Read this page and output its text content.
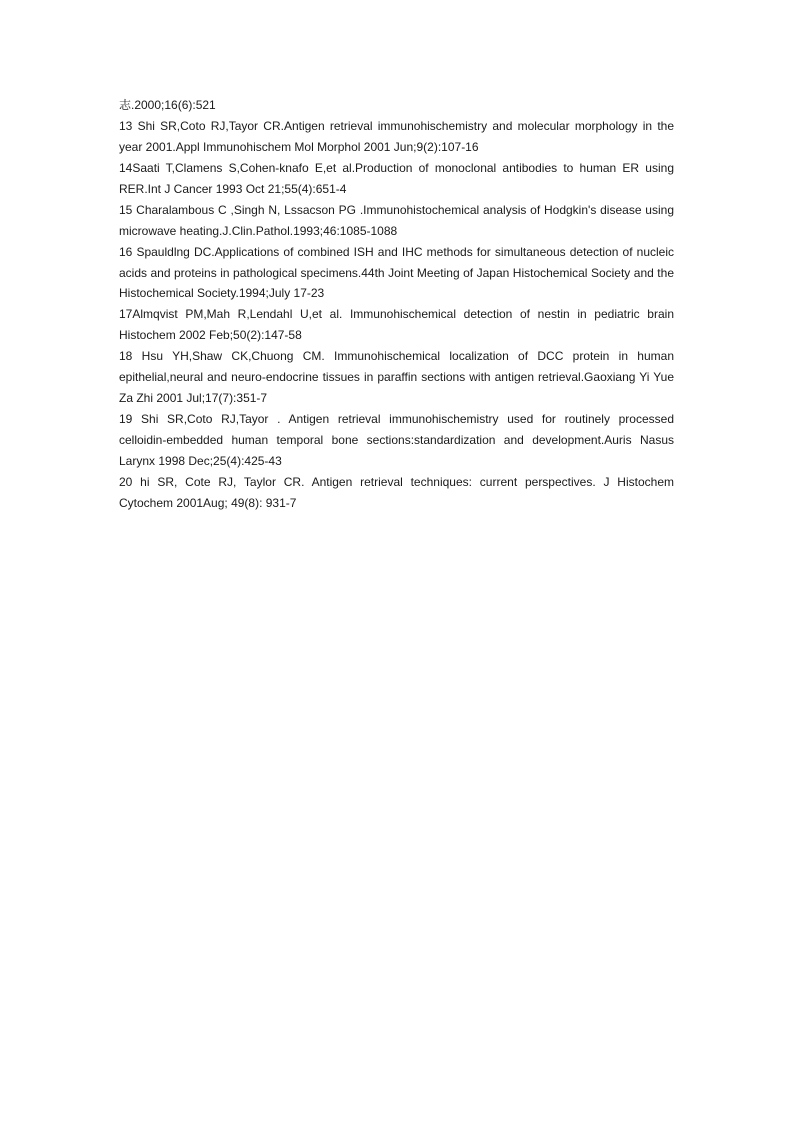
志.2000;16(6):521
13 Shi SR,Coto RJ,Tayor CR.Antigen retrieval immunohischemistry and molecular morphology in the
year 2001.Appl Immunohischem Mol Morphol 2001 Jun;9(2):107-16
14Saati T,Clamens S,Cohen-knafo E,et al.Production of monoclonal antibodies to human ER using
RER.Int J Cancer 1993 Oct 21;55(4):651-4
15 Charalambous C ,Singh N, Lssacson PG .Immunohistochemical analysis of Hodgkin's disease using
microwave heating.J.Clin.Pathol.1993;46:1085-1088
16 Spauldlng DC.Applications of combined ISH and IHC methods for simultaneous detection of nucleic
acids and proteins in pathological specimens.44th Joint Meeting of Japan Histochemical Society and the
Histochemical Society.1994;July 17-23
17Almqvist PM,Mah R,Lendahl U,et al. Immunohischemical detection of nestin in pediatric brain
Histochem 2002 Feb;50(2):147-58
18 Hsu YH,Shaw CK,Chuong CM. Immunohischemical localization of DCC protein in human
epithelial,neural and neuro-endocrine tissues in paraffin sections with antigen retrieval.Gaoxiang Yi Yue
Za Zhi 2001 Jul;17(7):351-7
19 Shi SR,Coto RJ,Tayor . Antigen retrieval immunohischemistry used for routinely processed
celloidin-embedded human temporal bone sections:standardization and development.Auris Nasus
Larynx 1998 Dec;25(4):425-43
20 hi SR, Cote RJ, Taylor CR. Antigen retrieval techniques: current perspectives. J Histochem
Cytochem 2001Aug; 49(8): 931-7
